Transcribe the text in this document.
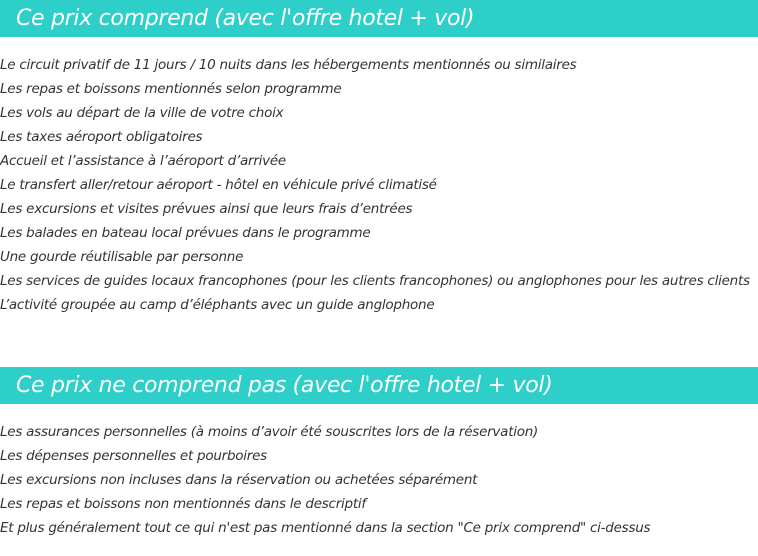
Ce prix comprend (avec l'offre hotel + vol)
Le circuit privatif de 11 jours / 10 nuits dans les hébergements mentionnés ou similaires
Les repas et boissons mentionnés selon programme
Les vols au départ de la ville de votre choix
Les taxes aéroport obligatoires
Accueil et l’assistance à l’aéroport d’arrivée
Le transfert aller/retour aéroport - hôtel en véhicule privé climatisé
Les excursions et visites prévues ainsi que leurs frais d’entrées
Les balades en bateau local prévues dans le programme
Une gourde réutilisable par personne
Les services de guides locaux francophones (pour les clients francophones) ou anglophones pour les autres clients
L’activité groupée au camp d’éléphants avec un guide anglophone
Ce prix ne comprend pas (avec l'offre hotel + vol)
Les assurances personnelles (à moins d’avoir été souscrites lors de la réservation)
Les dépenses personnelles et pourboires
Les excursions non incluses dans la réservation ou achetées séparément
Les repas et boissons non mentionnés dans le descriptif
Et plus généralement tout ce qui n'est pas mentionné dans la section "Ce prix comprend" ci-dessus
